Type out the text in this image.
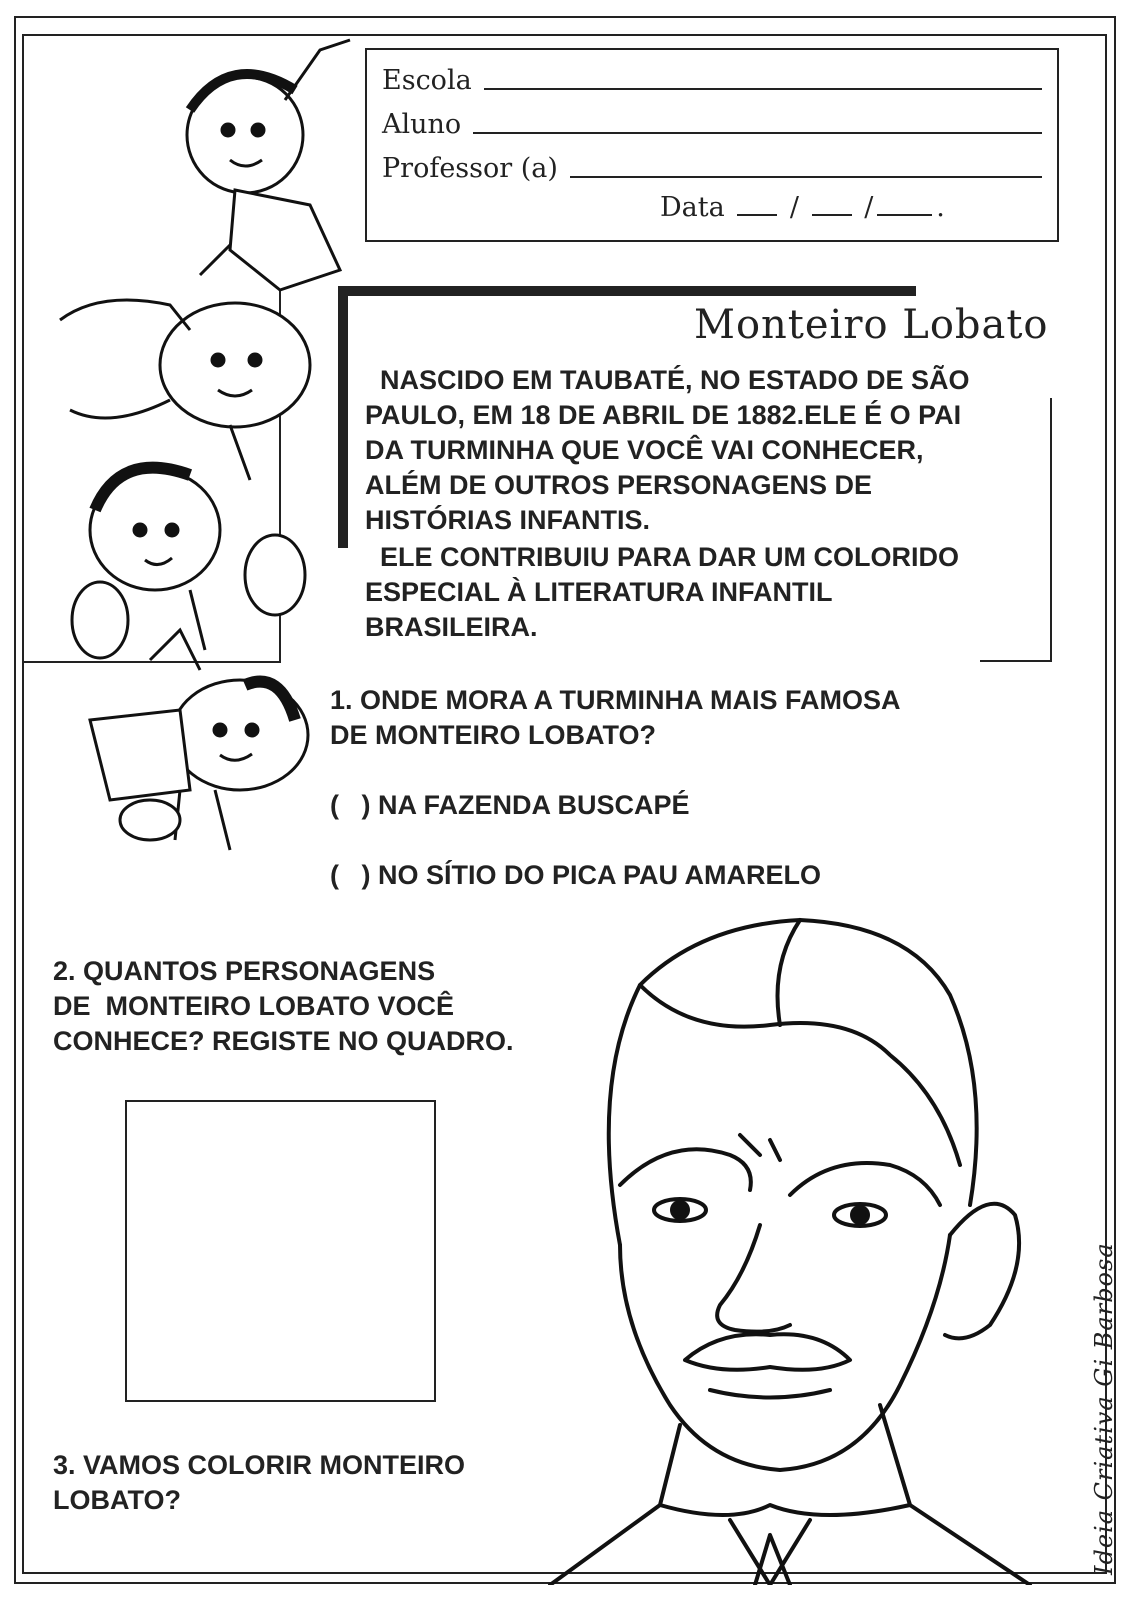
Escola
Aluno
Professor (a)
Data / / .
Monteiro Lobato
NASCIDO EM TAUBATÉ, NO ESTADO DE SÃO
PAULO, EM 18 DE ABRIL DE 1882.ELE É O PAI
DA TURMINHA QUE VOCÊ VAI CONHECER,
ALÉM DE OUTROS PERSONAGENS DE
HISTÓRIAS INFANTIS.
ELE CONTRIBUIU PARA DAR UM COLORIDO
ESPECIAL À LITERATURA INFANTIL
BRASILEIRA.
1. ONDE MORA A TURMINHA MAIS FAMOSA
DE MONTEIRO LOBATO?
(   ) NA FAZENDA BUSCAPÉ
(   ) NO SÍTIO DO PICA PAU AMARELO
2. QUANTOS PERSONAGENS
DE  MONTEIRO LOBATO VOCÊ
CONHECE? REGISTE NO QUADRO.
3. VAMOS COLORIR MONTEIRO
LOBATO?	Ideia Criativa Gi Barbosa
